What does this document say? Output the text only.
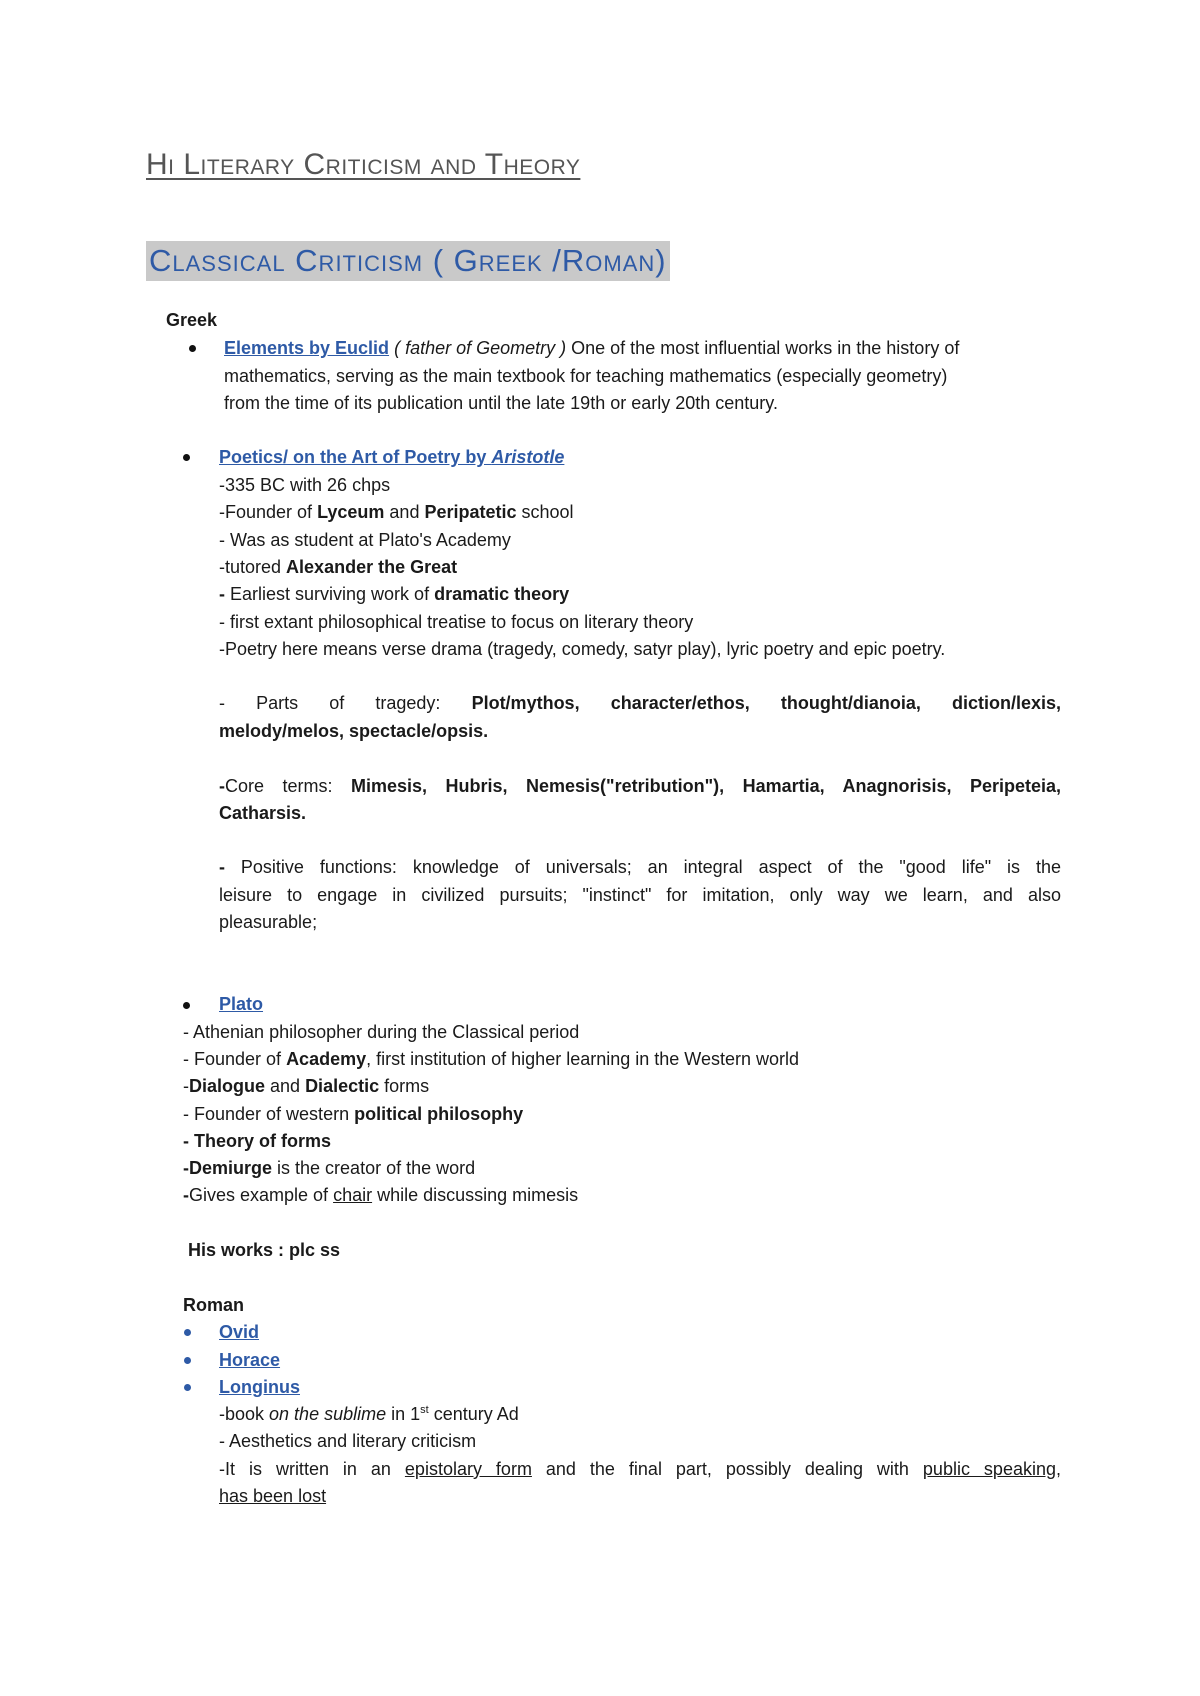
Hi Literary Criticism and Theory
Classical Criticism ( Greek /Roman)
Greek
Elements by Euclid ( father of Geometry ) One of the most influential works in the history of
mathematics, serving as the main textbook for teaching mathematics (especially geometry)
from the time of its publication until the late 19th or early 20th century.
Poetics/ on the Art of Poetry by Aristotle
-335 BC with 26 chps
-Founder of Lyceum and Peripatetic school
- Was as student at Plato's Academy
-tutored Alexander the Great
- Earliest surviving work of dramatic theory
- first extant philosophical treatise to focus on literary theory
-Poetry here means verse drama (tragedy, comedy, satyr play), lyric poetry and epic poetry.
- Parts of tragedy: Plot/mythos, character/ethos, thought/dianoia, diction/lexis,
melody/melos, spectacle/opsis.
-Core terms: Mimesis, Hubris, Nemesis("retribution"), Hamartia, Anagnorisis, Peripeteia,
Catharsis.
- Positive functions: knowledge of universals; an integral aspect of the "good life" is the
leisure to engage in civilized pursuits; "instinct" for imitation, only way we learn, and also
pleasurable;
Plato
- Athenian philosopher during the Classical period
- Founder of Academy, first institution of higher learning in the Western world
-Dialogue and Dialectic forms
- Founder of western political philosophy
- Theory of forms
-Demiurge is the creator of the word
-Gives example of chair while discussing mimesis
His works : plc ss
Roman
Ovid
Horace
Longinus
-book on the sublime in 1st century Ad
- Aesthetics and literary criticism
-It is written in an epistolary form and the final part, possibly dealing with public speaking,
has been lost
